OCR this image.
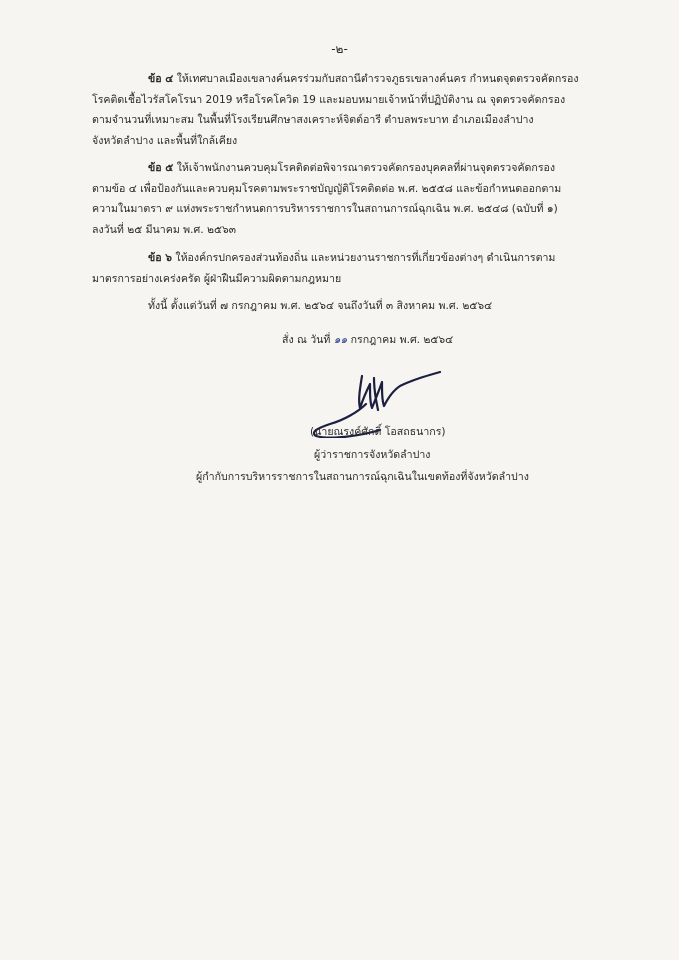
-๒-
ข้อ ๔ ให้เทศบาลเมืองเขลางค์นครร่วมกับสถานีตำรวจภูธรเขลางค์นคร กำหนดจุดตรวจคัดกรอง
โรคติดเชื้อไวรัสโคโรนา 2019 หรือโรคโควิด 19 และมอบหมายเจ้าหน้าที่ปฏิบัติงาน ณ จุดตรวจคัดกรอง
ตามจำนวนที่เหมาะสม ในพื้นที่โรงเรียนศึกษาสงเคราะห์จิตต์อารี ตำบลพระบาท อำเภอเมืองลำปาง
จังหวัดลำปาง และพื้นที่ใกล้เคียง
ข้อ ๕ ให้เจ้าพนักงานควบคุมโรคติดต่อพิจารณาตรวจคัดกรองบุคคลที่ผ่านจุดตรวจคัดกรอง
ตามข้อ ๔ เพื่อป้องกันและควบคุมโรคตามพระราชบัญญัติโรคติดต่อ พ.ศ. ๒๕๕๘ และข้อกำหนดออกตาม
ความในมาตรา ๙ แห่งพระราชกำหนดการบริหารราชการในสถานการณ์ฉุกเฉิน พ.ศ. ๒๕๔๘ (ฉบับที่ ๑)
ลงวันที่ ๒๕ มีนาคม พ.ศ. ๒๕๖๓
ข้อ ๖ ให้องค์กรปกครองส่วนท้องถิ่น และหน่วยงานราชการที่เกี่ยวข้องต่างๆ ดำเนินการตาม
มาตรการอย่างเคร่งครัด ผู้ฝ่าฝืนมีความผิดตามกฎหมาย
ทั้งนี้ ตั้งแต่วันที่ ๗ กรกฎาคม พ.ศ. ๒๕๖๔ จนถึงวันที่ ๓ สิงหาคม พ.ศ. ๒๕๖๔
สั่ง ณ วันที่ ๑๑ กรกฎาคม พ.ศ. ๒๕๖๔
(นายณรงค์ศักดิ์ โอสถธนากร)
ผู้ว่าราชการจังหวัดลำปาง
ผู้กำกับการบริหารราชการในสถานการณ์ฉุกเฉินในเขตท้องที่จังหวัดลำปาง
